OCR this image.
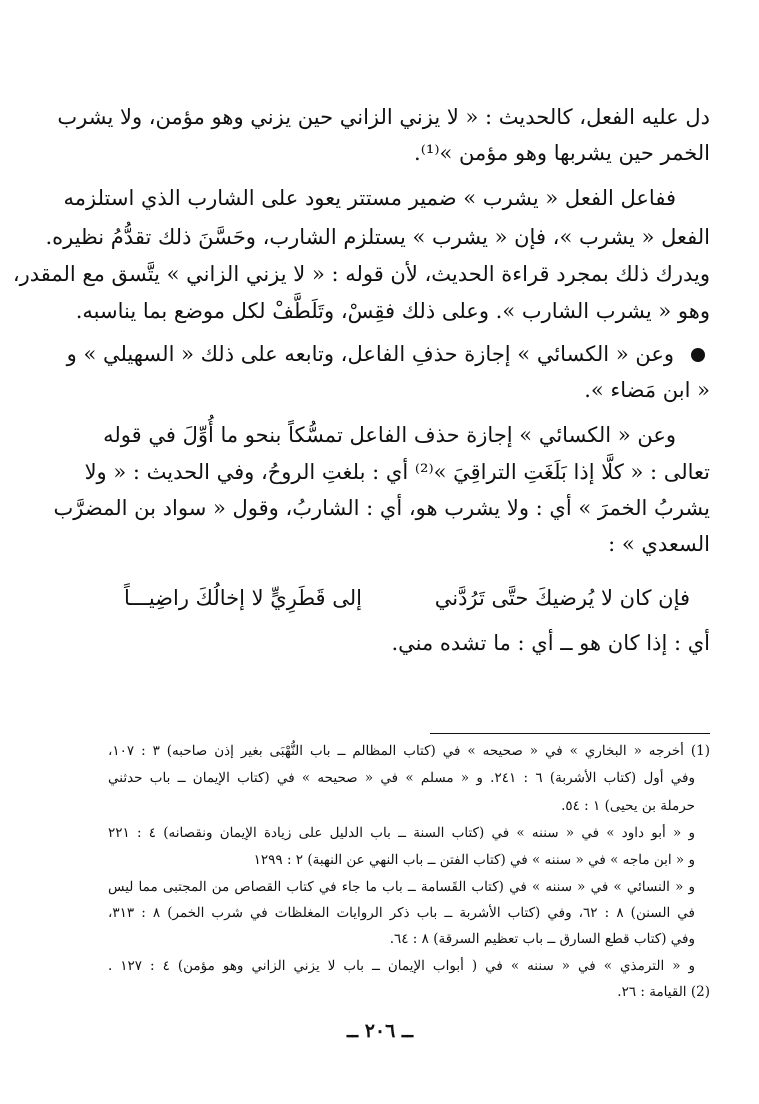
دل عليه الفعل، كالحديث : « لا يزني الزاني حين يزني وهو مؤمن، ولا يشرب
الخمر حين يشربها وهو مؤمن »⁽¹⁾.
ففاعل الفعل « يشرب » ضمير مستتر يعود على الشارب الذي استلزمه
الفعل « يشرب »، فإن « يشرب » يستلزم الشارب، وحَسَّنَ ذلك تقدُّمُ نظيره.
ويدرك ذلك بمجرد قراءة الحديث، لأن قوله : « لا يزني الزاني » يتَّسق مع المقدر،
وهو « يشرب الشارب ». وعلى ذلك فقِسْ، وتَلَطَّفْ لكل موضع بما يناسبه.
وعن « الكسائي » إجازة حذفِ الفاعل، وتابعه على ذلك « السهيلي » و
« ابن مَضاء ».
وعن « الكسائي » إجازة حذف الفاعل تمسُّكاً بنحو ما أُوِّلَ في قوله
تعالى : « كلَّا إذا بَلَغَتِ التراقِيَ »⁽²⁾ أي : بلغتِ الروحُ، وفي الحديث : « ولا
يشربُ الخمرَ » أي : ولا يشرب هو، أي : الشاربُ، وقول « سواد بن المضرَّب
السعدي » :
فإن كان لا يُرضيكَ حتَّى تَرُدَّني
إلى قَطَرِيٍّ لا إخالُكَ راضِيـــاً
أي : إذا كان هو ــ أي : ما تشده مني.
(1) أخرجه « البخاري » في « صحيحه » في (كتاب المظالم ــ باب النُّهْبَى بغير إذن صاحبه) ٣ : ١٠٧،
وفي أول (كتاب الأشربة) ٦ : ٢٤١. و « مسلم » في « صحيحه » في (كتاب الإيمان ــ باب حدثني
حرملة بن يحيى) ١ : ٥٤.
و « أبو داود » في « سننه » في (كتاب السنة ــ باب الدليل على زيادة الإيمان ونقصانه) ٤ : ٢٢١
و « ابن ماجه » في « سننه » في (كتاب الفتن ــ باب النهي عن النهبة) ٢ : ١٢٩٩
و « النسائي » في « سننه » في (كتاب القَسامة ــ باب ما جاء في كتاب القصاص من المجتبى مما ليس
في السنن) ٨ : ٦٢، وفي (كتاب الأشربة ــ باب ذكر الروايات المغلظات في شرب الخمر) ٨ : ٣١٣،
وفي (كتاب قطع السارق ــ باب تعظيم السرقة) ٨ : ٦٤.
و « الترمذي » في « سننه » في ( أبواب الإيمان ــ باب لا يزني الزاني وهو مؤمن) ٤ : ١٢٧ .
(2) القيامة : ٢٦.
ــ ٢٠٦ ــ
